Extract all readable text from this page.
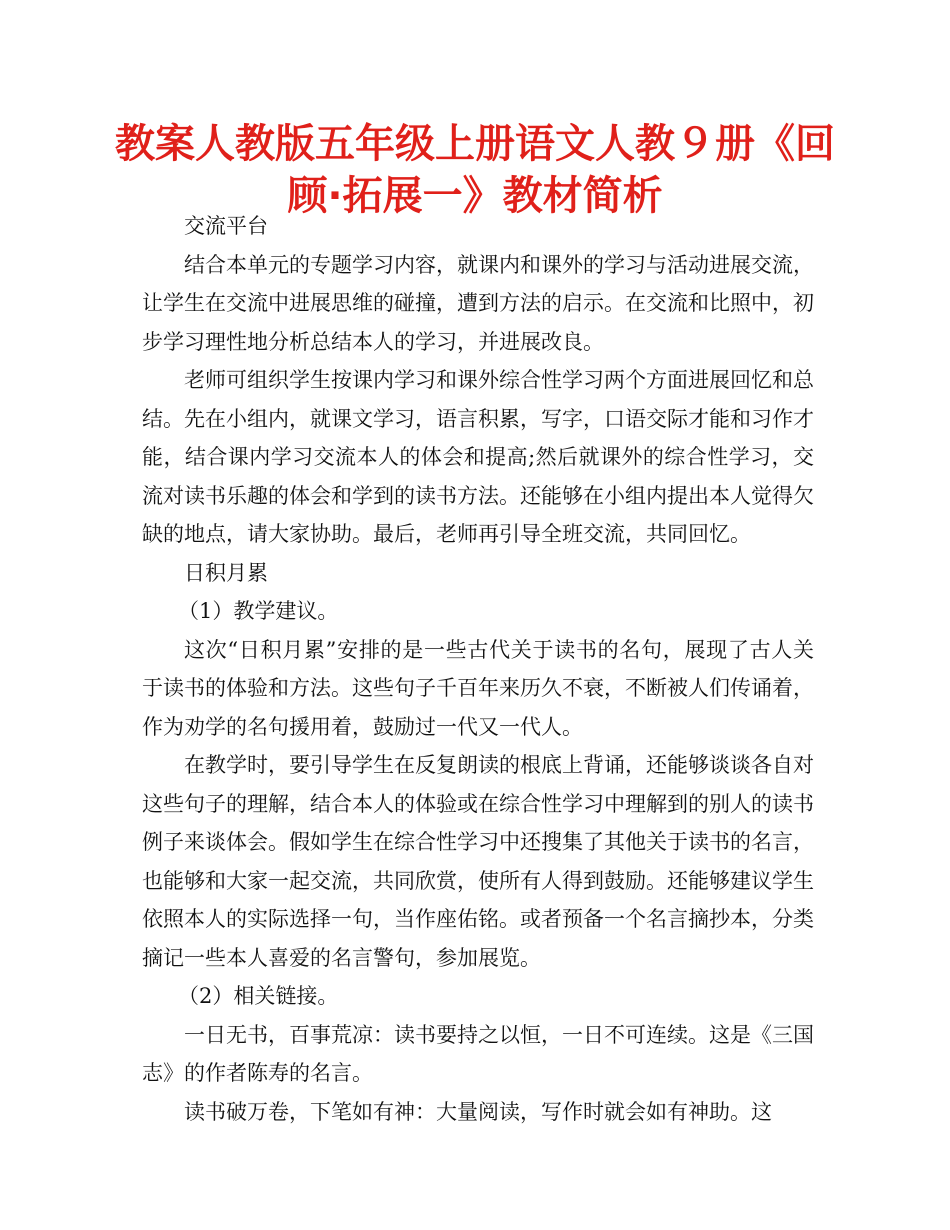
教案人教版五年级上册语文人教９册《回
顾·拓展一》教材简析

交流平台

结合本单元的专题学习内容，就课内和课外的学习与活动进展交流，让学生在交流中进展思维的碰撞，遭到方法的启示。在交流和比照中，初步学习理性地分析总结本人的学习，并进展改良。

老师可组织学生按课内学习和课外综合性学习两个方面进展回忆和总结。先在小组内，就课文学习，语言积累，写字，口语交际才能和习作才能，结合课内学习交流本人的体会和提高;然后就课外的综合性学习，交流对读书乐趣的体会和学到的读书方法。还能够在小组内提出本人觉得欠缺的地点，请大家协助。最后，老师再引导全班交流，共同回忆。

日积月累

（1）教学建议。

这次“日积月累”安排的是一些古代关于读书的名句，展现了古人关于读书的体验和方法。这些句子千百年来历久不衰，不断被人们传诵着，作为劝学的名句援用着，鼓励过一代又一代人。

在教学时，要引导学生在反复朗读的根底上背诵，还能够谈谈各自对这些句子的理解，结合本人的体验或在综合性学习中理解到的别人的读书例子来谈体会。假如学生在综合性学习中还搜集了其他关于读书的名言，也能够和大家一起交流，共同欣赏，使所有人得到鼓励。还能够建议学生依照本人的实际选择一句，当作座佑铭。或者预备一个名言摘抄本，分类摘记一些本人喜爱的名言警句，参加展览。

（2）相关链接。

一日无书，百事荒凉：读书要持之以恒，一日不可连续。这是《三国志》的作者陈寿的名言。

读书破万卷，下笔如有神：大量阅读，写作时就会如有神助。这
